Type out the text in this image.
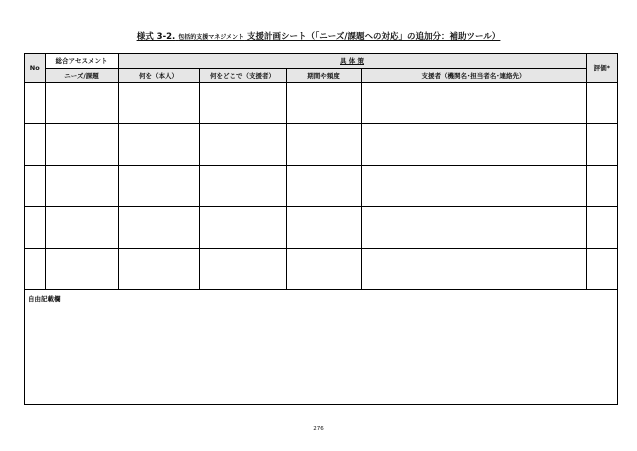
様式 3-2. 包括的支援マネジメント 支援計画シート（「ニーズ/課題への対応」の追加分：補助ツール）
No	総合アセスメント	具 体 策				評価*
	ニーズ/課題	何を（本人）	何をどこで（支援者）	期間や頻度	支援者（機関名･担当者名･連絡先）	

自由記載欄
276
